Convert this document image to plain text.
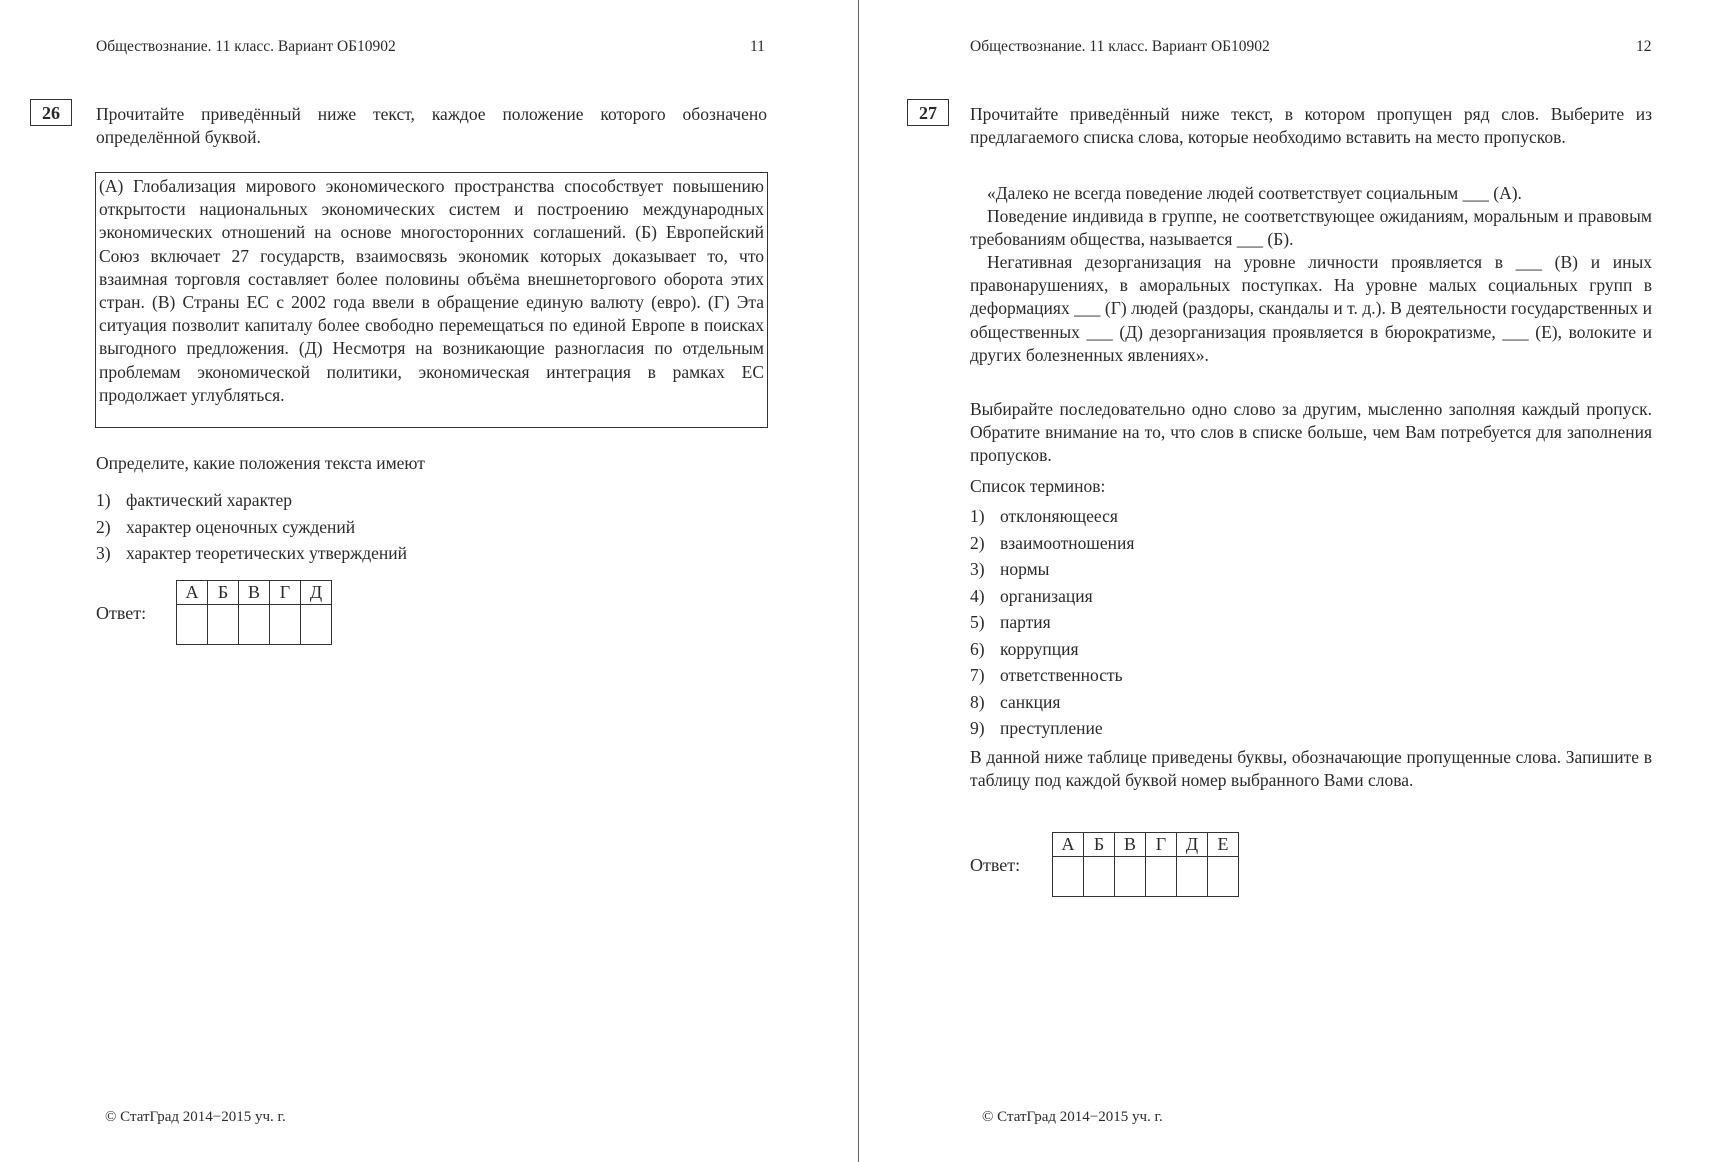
Обществознание. 11 класс. Вариант ОБ10902	11
26	Прочитайте приведённый ниже текст, каждое положение которого обозначено определённой буквой.
(А) Глобализация мирового экономического пространства способствует повышению открытости национальных экономических систем и построению международных экономических отношений на основе многосторонних соглашений. (Б) Европейский Союз включает 27 государств, взаимосвязь экономик которых доказывает то, что взаимная торговля составляет более половины объёма внешнеторгового оборота этих стран. (В) Страны ЕС с 2002 года ввели в обращение единую валюту (евро). (Г) Эта ситуация позволит капиталу более свободно перемещаться по единой Европе в поисках выгодного предложения. (Д) Несмотря на возникающие разногласия по отдельным проблемам экономической политики, экономическая интеграция в рамках ЕС продолжает углубляться.
Определите, какие положения текста имеют
1) фактический характер
2) характер оценочных суждений
3) характер теоретических утверждений
Ответ:
А	Б	В	Г	Д

© СтатГрад 2014−2015 уч. г.
Обществознание. 11 класс. Вариант ОБ10902	12
27	Прочитайте приведённый ниже текст, в котором пропущен ряд слов. Выберите из предлагаемого списка слова, которые необходимо вставить на место пропусков.
«Далеко не всегда поведение людей соответствует социальным ___ (А).
Поведение индивида в группе, не соответствующее ожиданиям, моральным и правовым требованиям общества, называется ___ (Б).
Негативная дезорганизация на уровне личности проявляется в ___ (В) и иных правонарушениях, в аморальных поступках. На уровне малых социальных групп в деформациях ___ (Г) людей (раздоры, скандалы и т. д.). В деятельности государственных и общественных ___ (Д) дезорганизация проявляется в бюрократизме, ___ (Е), волоките и других болезненных явлениях».
Выбирайте последовательно одно слово за другим, мысленно заполняя каждый пропуск. Обратите внимание на то, что слов в списке больше, чем Вам потребуется для заполнения пропусков.
Список терминов:
1) отклоняющееся
2) взаимоотношения
3) нормы
4) организация
5) партия
6) коррупция
7) ответственность
8) санкция
9) преступление
В данной ниже таблице приведены буквы, обозначающие пропущенные слова. Запишите в таблицу под каждой буквой номер выбранного Вами слова.
Ответ:
А	Б	В	Г	Д	Е

© СтатГрад 2014−2015 уч. г.
